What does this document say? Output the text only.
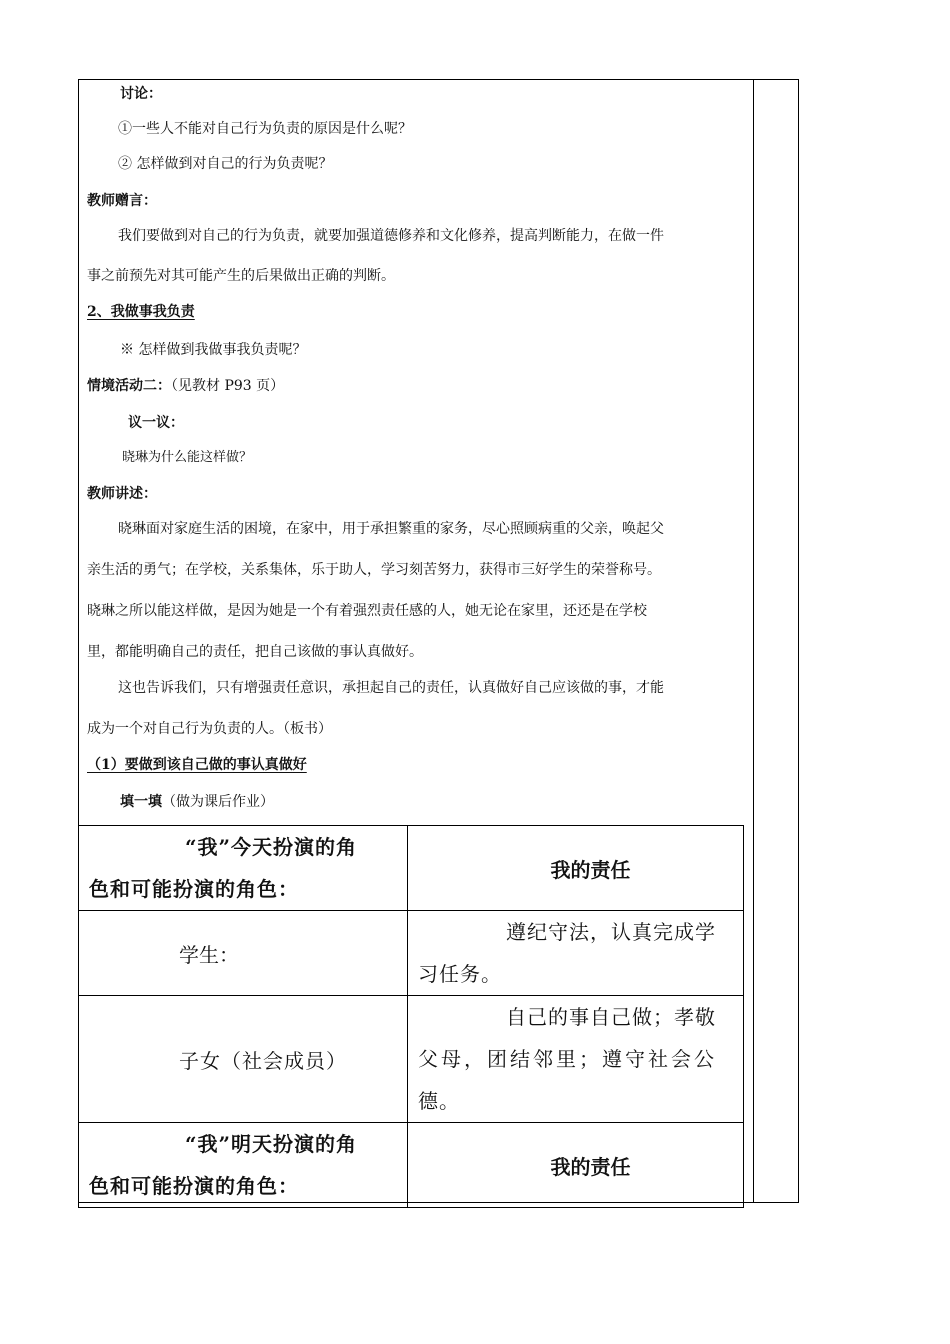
讨论：
①一些人不能对自己行为负责的原因是什么呢？
② 怎样做到对自己的行为负责呢？
教师赠言：
我们要做到对自己的行为负责，就要加强道德修养和文化修养，提高判断能力，在做一件
事之前预先对其可能产生的后果做出正确的判断。
2、我做事我负责
※ 怎样做到我做事我负责呢？
情境活动二：（见教材 P93 页）
议一议：
晓琳为什么能这样做？
教师讲述：
晓琳面对家庭生活的困境，在家中，用于承担繁重的家务，尽心照顾病重的父亲，唤起父
亲生活的勇气；在学校，关系集体，乐于助人，学习刻苦努力，获得市三好学生的荣誉称号。
晓琳之所以能这样做，是因为她是一个有着强烈责任感的人，她无论在家里，还还是在学校
里，都能明确自己的责任，把自己该做的事认真做好。
这也告诉我们，只有增强责任意识，承担起自己的责任，认真做好自己应该做的事，才能
成为一个对自己行为负责的人。（板书）
（1）要做到该自己做的事认真做好
填一填（做为课后作业）
“我”今天扮演的角
色和可能扮演的角色：	我的责任

学生：	遵纪守法，认真完成学
习任务。

子女（社会成员）	自己的事自己做；孝敬
父母，团结邻里；遵守社会公
德。

“我”明天扮演的角
色和可能扮演的角色：	我的责任
